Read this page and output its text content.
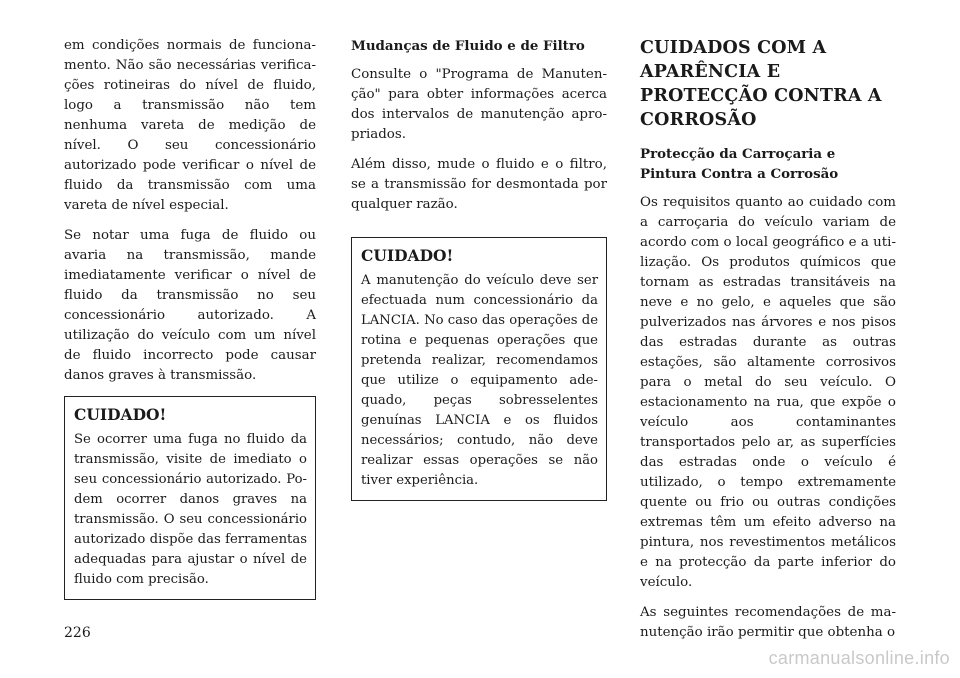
em condições normais de funcionamento. Não são necessárias verificações rotineiras do nível de fluido, logo a transmissão não tem nenhuma vareta de medição de nível. O seu concessionário autorizado pode verificar o nível de fluido da transmissão com uma vareta de nível especial.

Se notar uma fuga de fluido ou avaria na transmissão, mande imediatamente verificar o nível de fluido da transmissão no seu concessionário autorizado. A utilização do veículo com um nível de fluido incorrecto pode causar danos graves à transmissão.

CUIDADO!

Se ocorrer uma fuga no fluido da transmissão, visite de imediato o seu concessionário autorizado. Podem ocorrer danos graves na transmissão. O seu concessionário autorizado dispõe das ferramentas adequadas para ajustar o nível de fluido com precisão.

Mudanças de Fluido e de Filtro

Consulte o "Programa de Manutenção" para obter informações acerca dos intervalos de manutenção apropriados.

Além disso, mude o fluido e o filtro, se a transmissão for desmontada por qualquer razão.

CUIDADO!

A manutenção do veículo deve ser efectuada num concessionário da LANCIA. No caso das operações de rotina e pequenas operações que pretenda realizar, recomendamos que utilize o equipamento adequado, peças sobresselentes genuínas LANCIA e os fluidos necessários; contudo, não deve realizar essas operações se não tiver experiência.

CUIDADOS COM A APARÊNCIA E PROTECÇÃO CONTRA A CORROSÃO
Protecção da Carroçaria e Pintura Contra a Corrosão

Os requisitos quanto ao cuidado com a carroçaria do veículo variam de acordo com o local geográfico e a utilização. Os produtos químicos que tornam as estradas transitáveis na neve e no gelo, e aqueles que são pulverizados nas árvores e nos pisos das estradas durante as outras estações, são altamente corrosivos para o metal do seu veículo. O estacionamento na rua, que expõe o veículo aos contaminantes transportados pelo ar, as superfícies das estradas onde o veículo é utilizado, o tempo extremamente quente ou frio ou outras condições extremas têm um efeito adverso na pintura, nos revestimentos metálicos e na protecção da parte inferior do veículo.

As seguintes recomendações de manutenção irão permitir que obtenha o

226
carmanualsonline.info
